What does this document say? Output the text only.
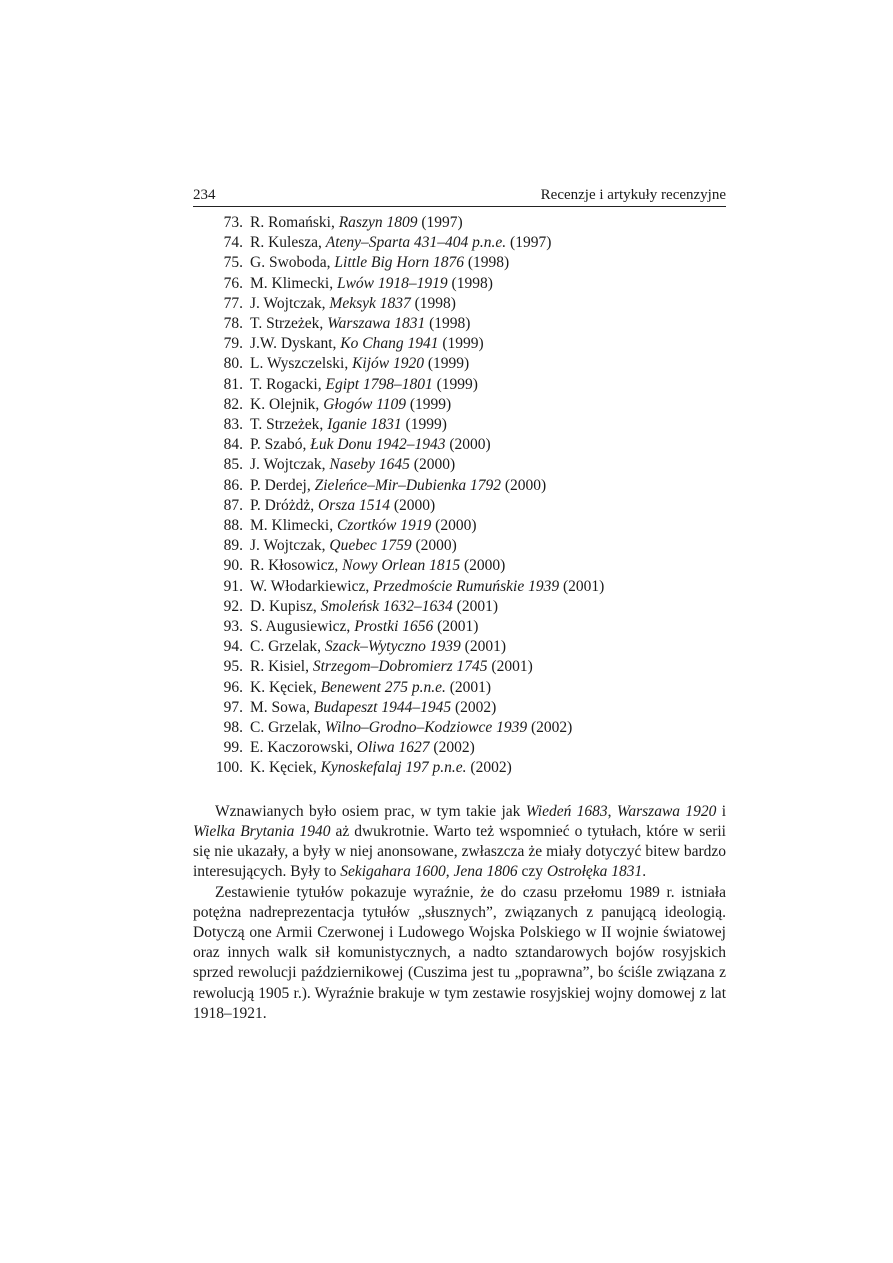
234	Recenzje i artykuły recenzyjne
73. R. Romański, Raszyn 1809 (1997)
74. R. Kulesza, Ateny–Sparta 431–404 p.n.e. (1997)
75. G. Swoboda, Little Big Horn 1876 (1998)
76. M. Klimecki, Lwów 1918–1919 (1998)
77. J. Wojtczak, Meksyk 1837 (1998)
78. T. Strzeżek, Warszawa 1831 (1998)
79. J.W. Dyskant, Ko Chang 1941 (1999)
80. L. Wyszczelski, Kijów 1920 (1999)
81. T. Rogacki, Egipt 1798–1801 (1999)
82. K. Olejnik, Głogów 1109 (1999)
83. T. Strzeżek, Iganie 1831 (1999)
84. P. Szabó, Łuk Donu 1942–1943 (2000)
85. J. Wojtczak, Naseby 1645 (2000)
86. P. Derdej, Zieleńce–Mir–Dubienka 1792 (2000)
87. P. Dróżdż, Orsza 1514 (2000)
88. M. Klimecki, Czortków 1919 (2000)
89. J. Wojtczak, Quebec 1759 (2000)
90. R. Kłosowicz, Nowy Orlean 1815 (2000)
91. W. Włodarkiewicz, Przedmoście Rumuńskie 1939 (2001)
92. D. Kupisz, Smoleńsk 1632–1634 (2001)
93. S. Augusiewicz, Prostki 1656 (2001)
94. C. Grzelak, Szack–Wytyczno 1939 (2001)
95. R. Kisiel, Strzegom–Dobromierz 1745 (2001)
96. K. Kęciek, Benewent 275 p.n.e. (2001)
97. M. Sowa, Budapeszt 1944–1945 (2002)
98. C. Grzelak, Wilno–Grodno–Kodziowce 1939 (2002)
99. E. Kaczorowski, Oliwa 1627 (2002)
100. K. Kęciek, Kynoskefalaj 197 p.n.e. (2002)

Wznawianych było osiem prac, w tym takie jak Wiedeń 1683, Warszawa 1920 i Wielka Brytania 1940 aż dwukrotnie. Warto też wspomnieć o tytułach, które w serii się nie ukazały, a były w niej anonsowane, zwłaszcza że miały dotyczyć bitew bardzo interesujących. Były to Sekigahara 1600, Jena 1806 czy Ostrołęka 1831.

Zestawienie tytułów pokazuje wyraźnie, że do czasu przełomu 1989 r. istniała potężna nadreprezentacja tytułów „słusznych”, związanych z panującą ideologią. Dotyczą one Armii Czerwonej i Ludowego Wojska Polskiego w II wojnie światowej oraz innych walk sił komunistycznych, a nadto sztandarowych bojów rosyjskich sprzed rewolucji październikowej (Cuszima jest tu „poprawna”, bo ściśle związana z rewolucją 1905 r.). Wyraźnie brakuje w tym zestawie rosyjskiej wojny domowej z lat 1918–1921.
